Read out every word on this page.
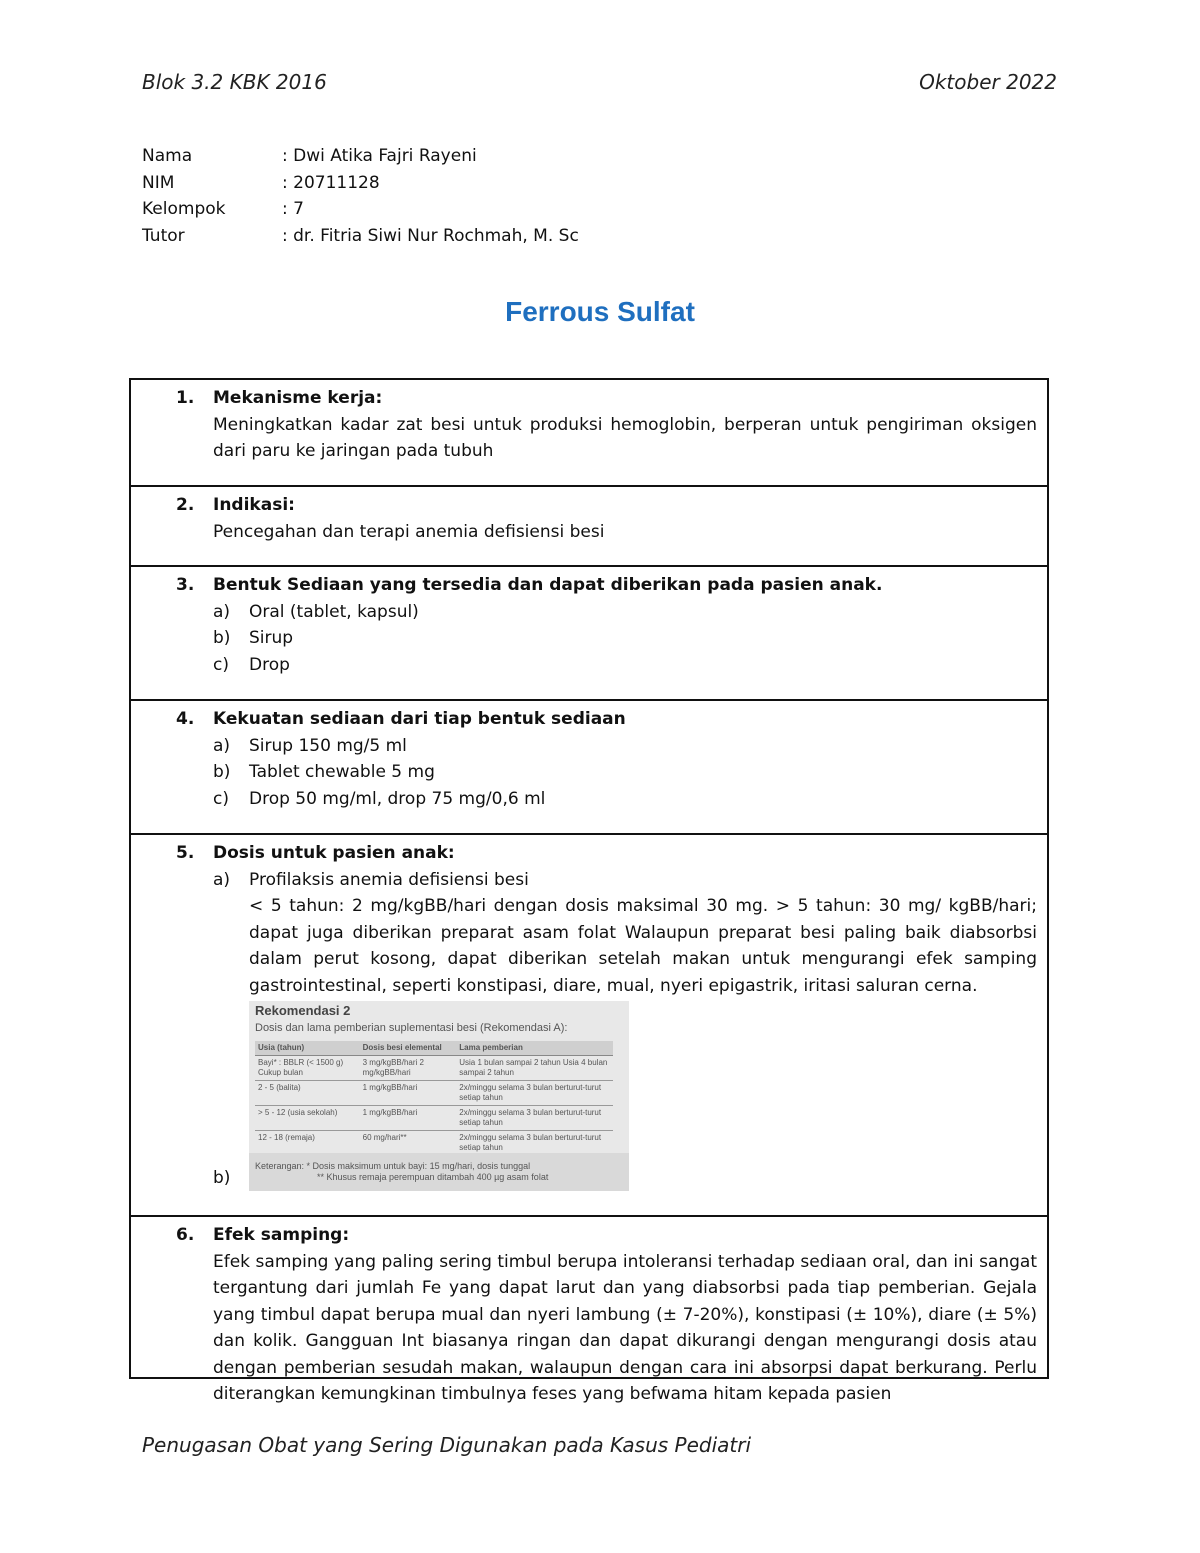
Blok 3.2 KBK 2016	Oktober 2022
Nama	: Dwi Atika Fajri Rayeni
NIM	: 20711128
Kelompok	: 7
Tutor	: dr. Fitria Siwi Nur Rochmah, M. Sc
Ferrous Sulfat
1. Mekanisme kerja:
Meningkatkan kadar zat besi untuk produksi hemoglobin, berperan untuk pengiriman oksigen dari paru ke jaringan pada tubuh
2. Indikasi:
Pencegahan dan terapi anemia defisiensi besi
3. Bentuk Sediaan yang tersedia dan dapat diberikan pada pasien anak.
a)	Oral (tablet, kapsul)
b)	Sirup
c)	Drop
4. Kekuatan sediaan dari tiap bentuk sediaan
a)	Sirup 150 mg/5 ml
b)	Tablet chewable 5 mg
c)	Drop 50 mg/ml, drop 75 mg/0,6 ml
5. Dosis untuk pasien anak:
a)	Profilaksis anemia defisiensi besi
< 5 tahun: 2 mg/kgBB/hari dengan dosis maksimal 30 mg. > 5 tahun: 30 mg/ kgBB/hari; dapat juga diberikan preparat asam folat Walaupun preparat besi paling baik diabsorbsi dalam perut kosong, dapat diberikan setelah makan untuk mengurangi efek samping gastrointestinal, seperti konstipasi, diare, mual, nyeri epigastrik, iritasi saluran cerna.
b)
Rekomendasi 2
Dosis dan lama pemberian suplementasi besi (Rekomendasi A):
Usia (tahun)	Dosis besi elemental	Lama pemberian
Bayi* : BBLR (< 1500 g) Cukup bulan	3 mg/kgBB/hari 2 mg/kgBB/hari	Usia 1 bulan sampai 2 tahun Usia 4 bulan sampai 2 tahun
2 - 5 (balita)	1 mg/kgBB/hari	2x/minggu selama 3 bulan berturut-turut setiap tahun
> 5 - 12 (usia sekolah)	1 mg/kgBB/hari	2x/minggu selama 3 bulan berturut-turut setiap tahun
12 - 18 (remaja)	60 mg/hari**	2x/minggu selama 3 bulan berturut-turut setiap tahun
Keterangan: * Dosis maksimum untuk bayi: 15 mg/hari, dosis tunggal
** Khusus remaja perempuan ditambah 400 µg asam folat
6. Efek samping:
Efek samping yang paling sering timbul berupa intoleransi terhadap sediaan oral, dan ini sangat tergantung dari jumlah Fe yang dapat larut dan yang diabsorbsi pada tiap pemberian. Gejala yang timbul dapat berupa mual dan nyeri lambung (± 7-20%), konstipasi (± 10%), diare (± 5%) dan kolik. Gangguan Int biasanya ringan dan dapat dikurangi dengan mengurangi dosis atau dengan pemberian sesudah makan, walaupun dengan cara ini absorpsi dapat berkurang. Perlu diterangkan kemungkinan timbulnya feses yang befwama hitam kepada pasien
Penugasan Obat yang Sering Digunakan pada Kasus Pediatri
